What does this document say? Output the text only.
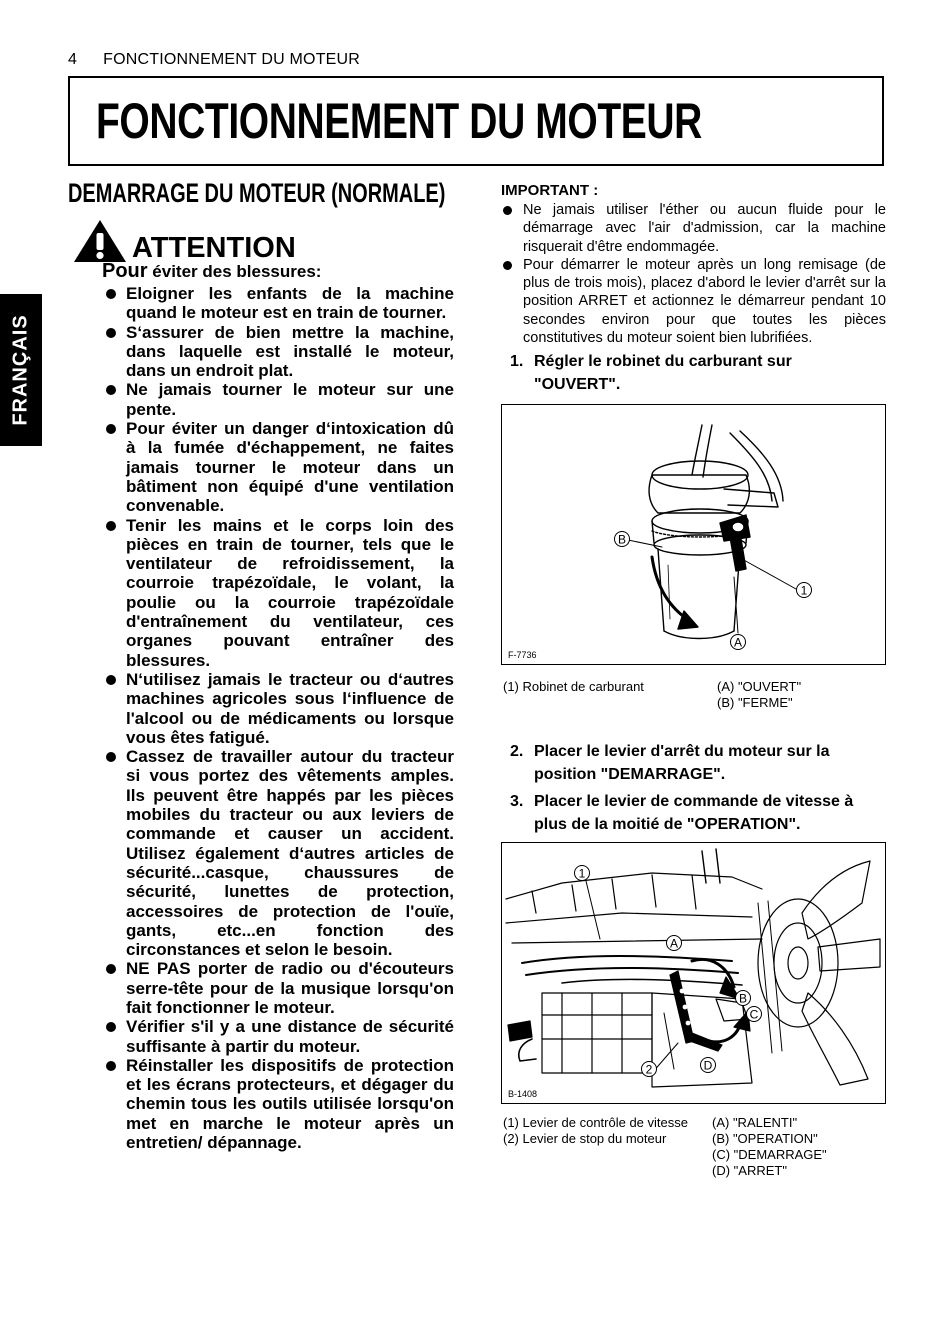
4 FONCTIONNEMENT DU MOTEUR
FONCTIONNEMENT DU MOTEUR
FRANÇAIS
DEMARRAGE DU MOTEUR (NORMALE)
ATTENTION
Pour éviter des blessures:
Eloigner les enfants de la machine quand le moteur est en train de tourner.
S‘assurer de bien mettre la machine, dans laquelle est installé le moteur, dans un endroit plat.
Ne jamais tourner le moteur sur une pente.
Pour éviter un danger d‘intoxication dû à la fumée d'échappement, ne faites jamais tourner le moteur dans un bâtiment non équipé d'une ventilation convenable.
Tenir les mains et le corps loin des pièces en train de tourner, tels que le ventilateur de refroidissement, la courroie trapézoïdale, le volant, la poulie ou la courroie trapézoïdale d'entraînement du ventilateur, ces organes pouvant entraîner des blessures.
N‘utilisez jamais le tracteur ou d‘autres machines agricoles sous l‘influence de l'alcool ou de médicaments ou lorsque vous êtes fatigué.
Cassez de travailler autour du tracteur si vous portez des vêtements amples. Ils peuvent être happés par les pièces mobiles du tracteur ou aux leviers de commande et causer un accident. Utilisez également d‘autres articles de sécurité...casque, chaussures de sécurité, lunettes de protection, accessoires de protection de l'ouïe, gants, etc...en fonction des circonstances et selon le besoin.
NE PAS porter de radio ou d'écouteurs serre-tête pour de la musique lorsqu'on fait fonctionner le moteur.
Vérifier s'il y a une distance de sécurité suffisante à partir du moteur.
Réinstaller les dispositifs de protection et les écrans protecteurs, et dégager du chemin tous les outils utilisée lorsqu'on met en marche le moteur après un entretien/ dépannage.
IMPORTANT :
Ne jamais utiliser l'éther ou aucun fluide pour le démarrage avec l'air d'admission, car la machine risquerait d'être endommagée.
Pour démarrer le moteur après un long remisage (de plus de trois mois), placez d'abord le levier d'arrêt sur la position ARRET et actionnez le démarreur pendant 10 secondes environ pour que toutes les pièces constitutives du moteur soient bien lubrifiées.
1. Régler le robinet du carburant sur "OUVERT".
1
B
A
F-7736
(1) Robinet de carburant	(A) "OUVERT"
(B) "FERME"
2. Placer le levier d'arrêt du moteur sur la position "DEMARRAGE".
3. Placer le levier de commande de vitesse à plus de la moitié de "OPERATION".
1
2
A
B
C
D
B-1408
(1) Levier de contrôle de vitesse
(2) Levier de stop du moteur
(A) "RALENTI"
(B) "OPERATION"
(C) "DEMARRAGE"
(D) "ARRET"
